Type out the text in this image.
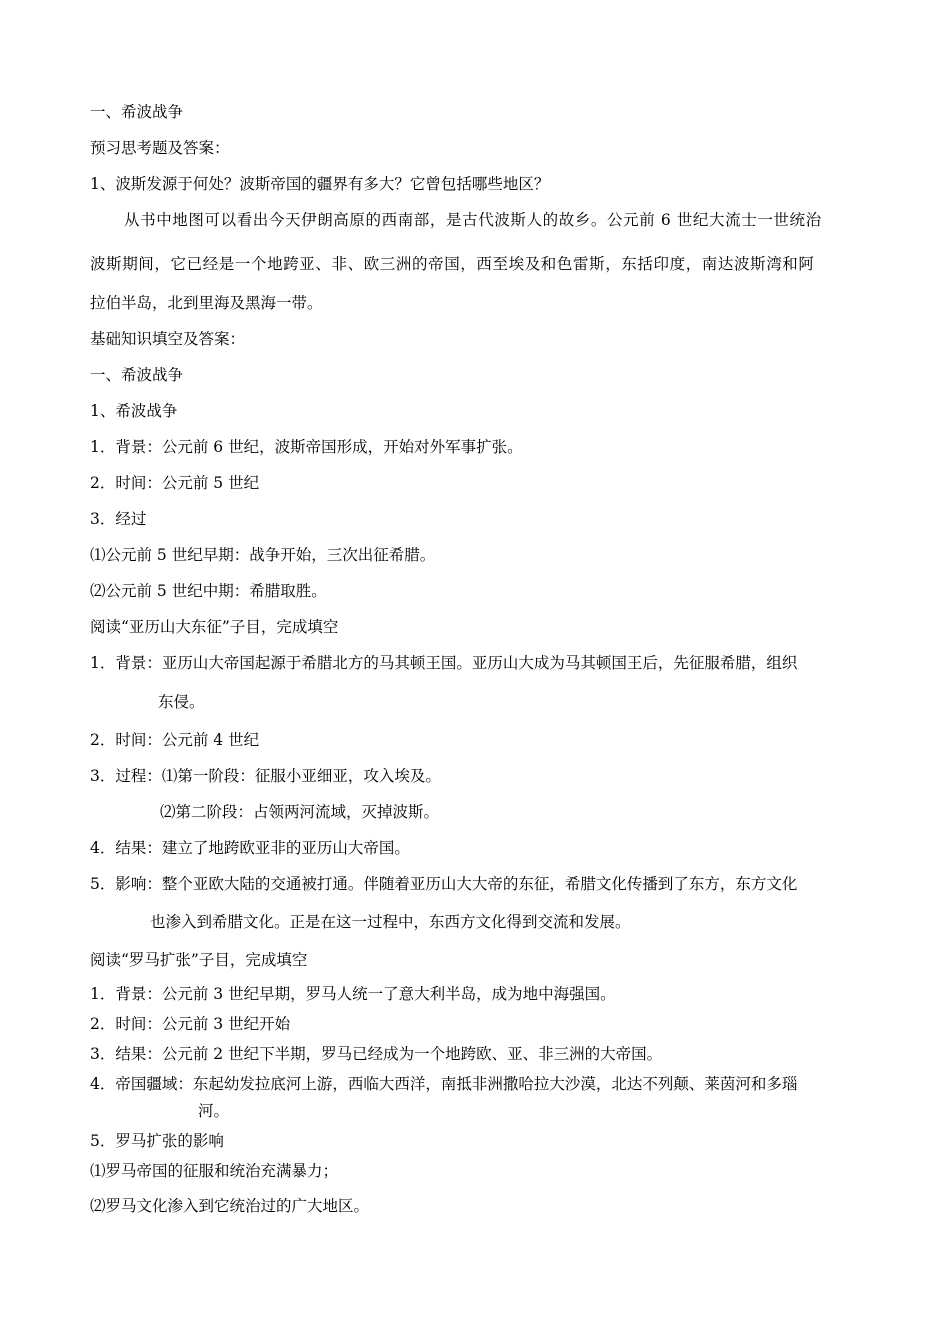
一、希波战争

预习思考题及答案：

1、波斯发源于何处？波斯帝国的疆界有多大？它曾包括哪些地区？

从书中地图可以看出今天伊朗高原的西南部，是古代波斯人的故乡。公元前 6 世纪大流士一世统治

波斯期间，它已经是一个地跨亚、非、欧三洲的帝国，西至埃及和色雷斯，东括印度，南达波斯湾和阿

拉伯半岛，北到里海及黑海一带。

基础知识填空及答案：

一、希波战争

1、希波战争

1．背景：公元前 6 世纪，波斯帝国形成，开始对外军事扩张。

2．时间：公元前 5 世纪

3．经过

⑴公元前 5 世纪早期：战争开始，三次出征希腊。

⑵公元前 5 世纪中期：希腊取胜。

阅读“亚历山大东征”子目，完成填空

1．背景：亚历山大帝国起源于希腊北方的马其顿王国。亚历山大成为马其顿国王后，先征服希腊，组织

东侵。

2．时间：公元前 4 世纪

3．过程：⑴第一阶段：征服小亚细亚，攻入埃及。

⑵第二阶段：占领两河流域，灭掉波斯。

4．结果：建立了地跨欧亚非的亚历山大帝国。

5．影响：整个亚欧大陆的交通被打通。伴随着亚历山大大帝的东征，希腊文化传播到了东方，东方文化

也渗入到希腊文化。正是在这一过程中，东西方文化得到交流和发展。

阅读“罗马扩张”子目，完成填空

1．背景：公元前 3 世纪早期，罗马人统一了意大利半岛，成为地中海强国。

2．时间：公元前 3 世纪开始

3．结果：公元前 2 世纪下半期，罗马已经成为一个地跨欧、亚、非三洲的大帝国。

4．帝国疆域：东起幼发拉底河上游，西临大西洋，南抵非洲撒哈拉大沙漠，北达不列颠、莱茵河和多瑙

河。

5．罗马扩张的影响

⑴罗马帝国的征服和统治充满暴力；

⑵罗马文化渗入到它统治过的广大地区。
